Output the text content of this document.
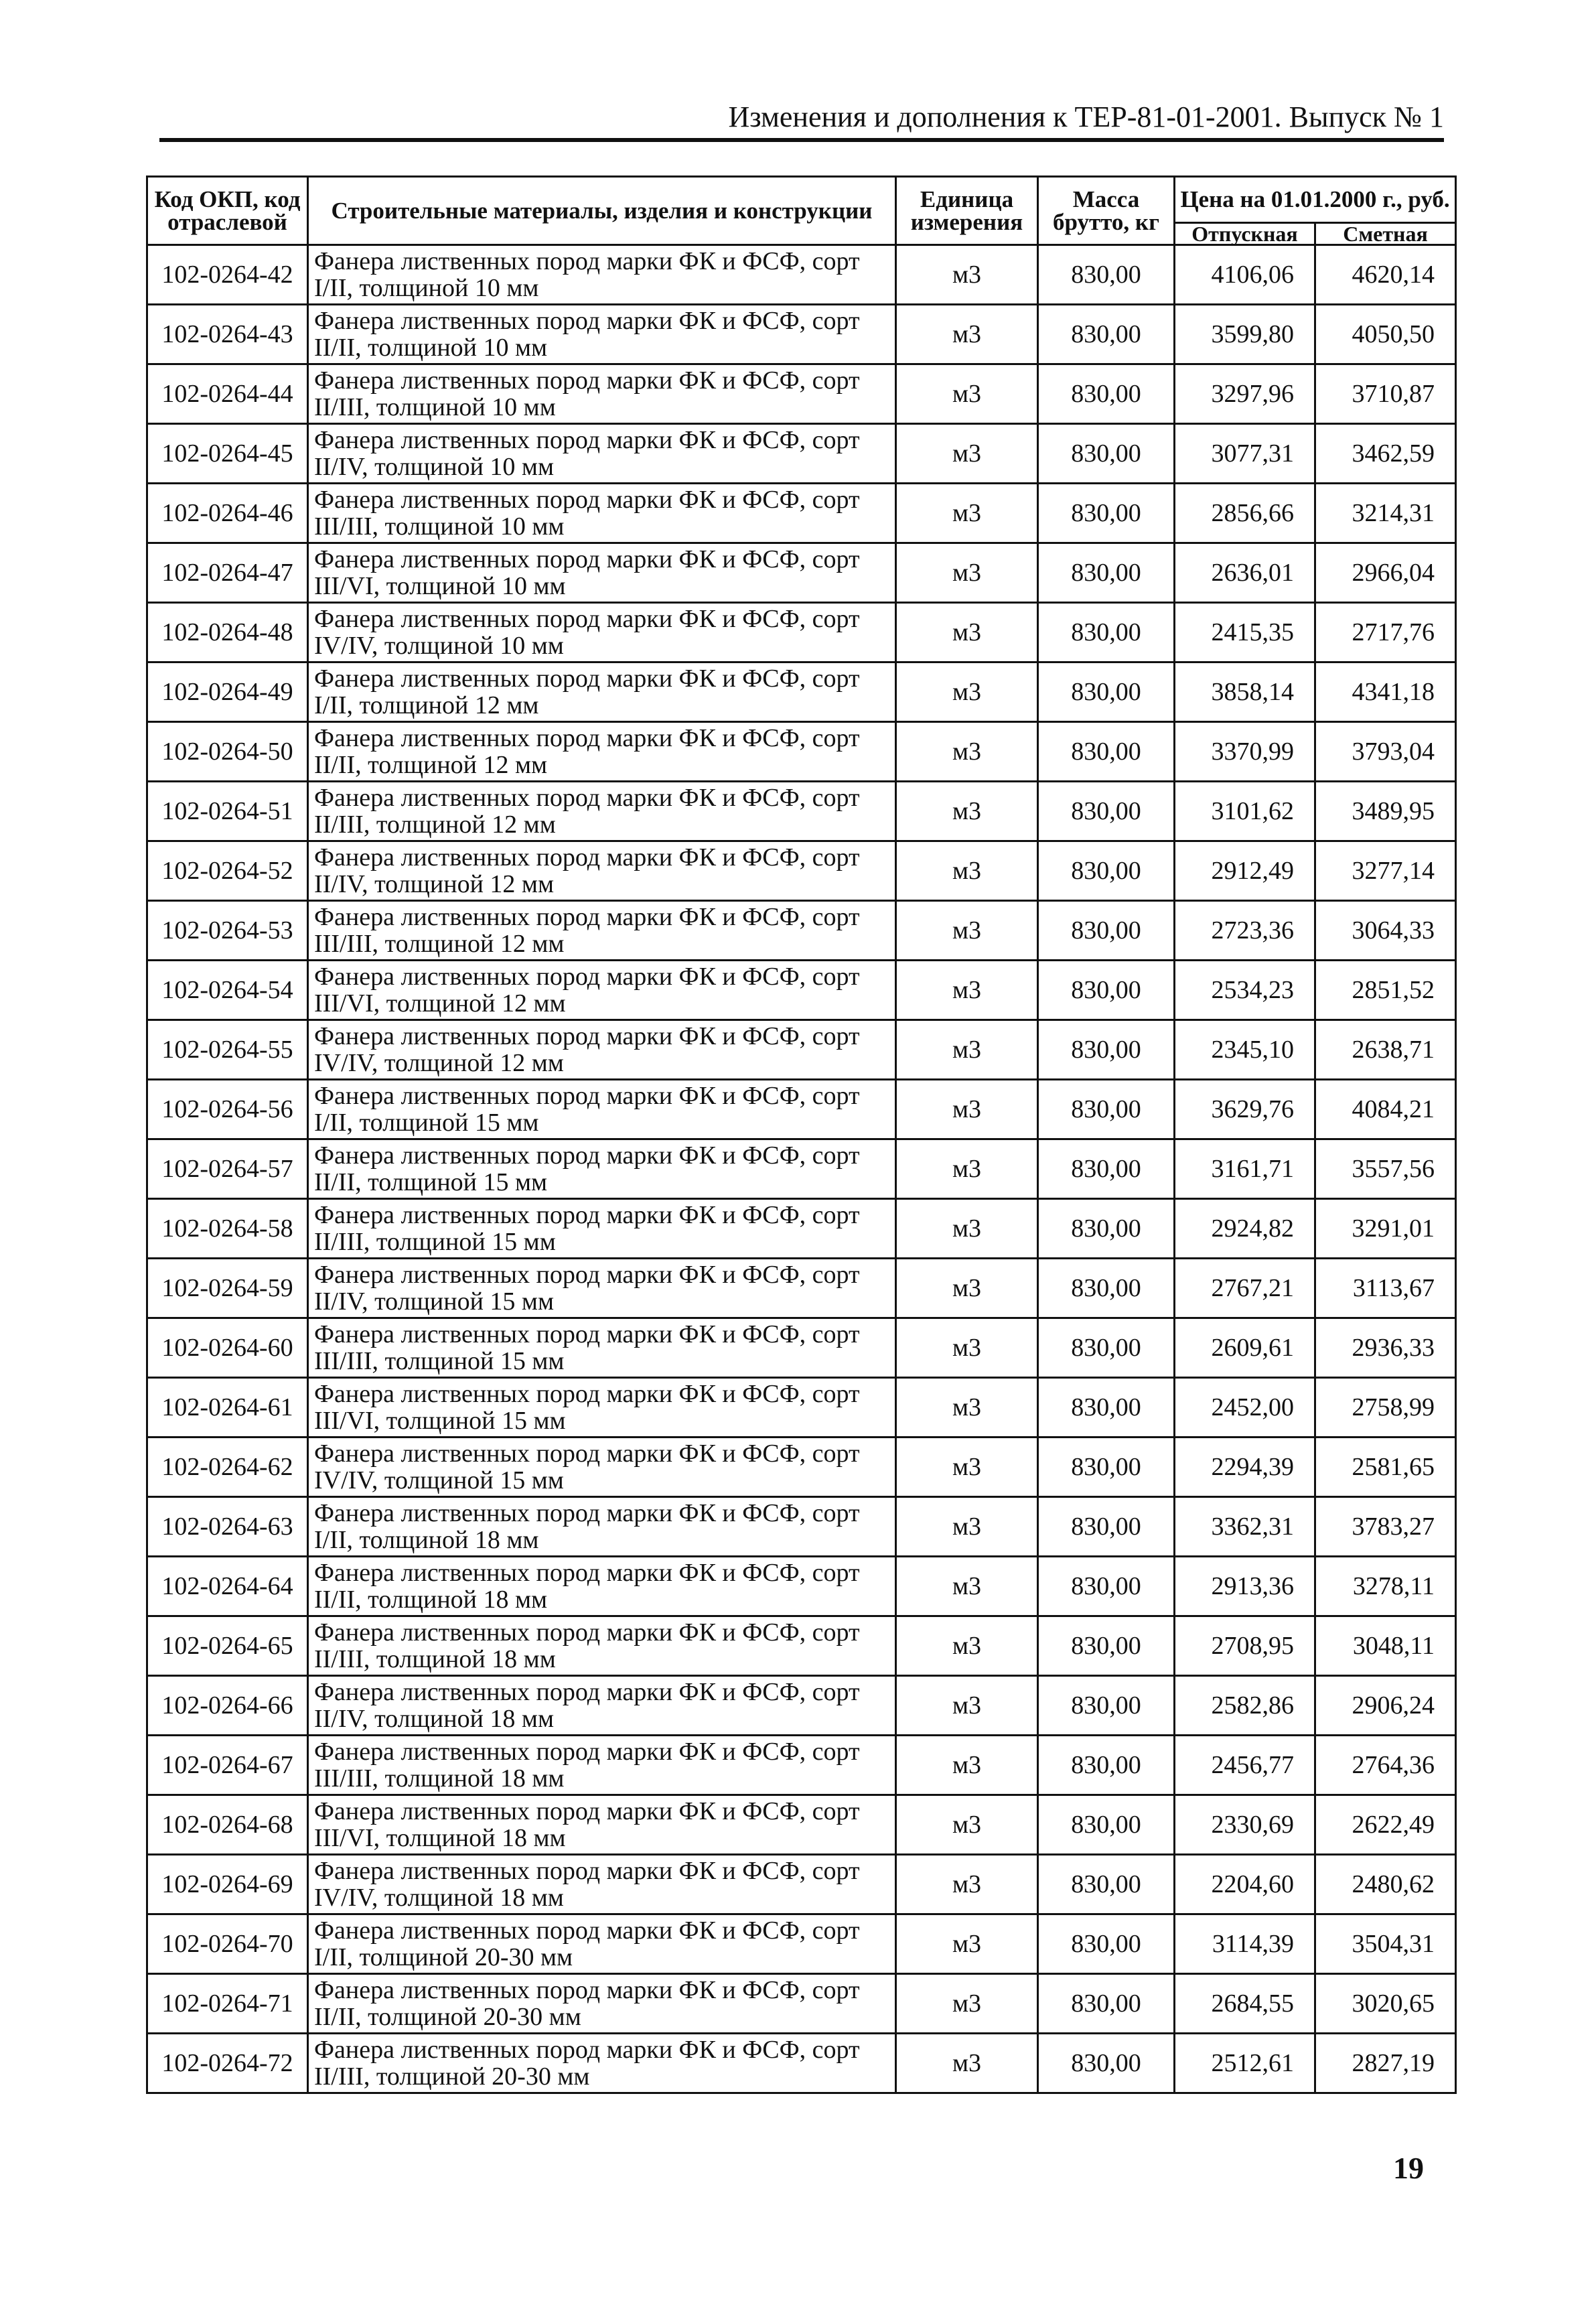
Изменения и дополнения к ТЕР-81-01-2001. Выпуск № 1
Код ОКП, код отраслевой	Строительные материалы, изделия и конструкции	Единица измерения	Масса брутто, кг	Цена на 01.01.2000 г., руб.	
				Отпускная	Сметная
102-0264-42	Фанера лиственных пород марки ФК и ФСФ, сорт I/II, толщиной 10 мм	м3	830,00	4106,06	4620,14
102-0264-43	Фанера лиственных пород марки ФК и ФСФ, сорт II/II, толщиной 10 мм	м3	830,00	3599,80	4050,50
102-0264-44	Фанера лиственных пород марки ФК и ФСФ, сорт II/III, толщиной 10 мм	м3	830,00	3297,96	3710,87
102-0264-45	Фанера лиственных пород марки ФК и ФСФ, сорт II/IV, толщиной 10 мм	м3	830,00	3077,31	3462,59
102-0264-46	Фанера лиственных пород марки ФК и ФСФ, сорт III/III, толщиной 10 мм	м3	830,00	2856,66	3214,31
102-0264-47	Фанера лиственных пород марки ФК и ФСФ, сорт III/VI, толщиной 10 мм	м3	830,00	2636,01	2966,04
102-0264-48	Фанера лиственных пород марки ФК и ФСФ, сорт IV/IV, толщиной 10 мм	м3	830,00	2415,35	2717,76
102-0264-49	Фанера лиственных пород марки ФК и ФСФ, сорт I/II, толщиной 12 мм	м3	830,00	3858,14	4341,18
102-0264-50	Фанера лиственных пород марки ФК и ФСФ, сорт II/II, толщиной 12 мм	м3	830,00	3370,99	3793,04
102-0264-51	Фанера лиственных пород марки ФК и ФСФ, сорт II/III, толщиной 12 мм	м3	830,00	3101,62	3489,95
102-0264-52	Фанера лиственных пород марки ФК и ФСФ, сорт II/IV, толщиной 12 мм	м3	830,00	2912,49	3277,14
102-0264-53	Фанера лиственных пород марки ФК и ФСФ, сорт III/III, толщиной 12 мм	м3	830,00	2723,36	3064,33
102-0264-54	Фанера лиственных пород марки ФК и ФСФ, сорт III/VI, толщиной 12 мм	м3	830,00	2534,23	2851,52
102-0264-55	Фанера лиственных пород марки ФК и ФСФ, сорт IV/IV, толщиной 12 мм	м3	830,00	2345,10	2638,71
102-0264-56	Фанера лиственных пород марки ФК и ФСФ, сорт I/II, толщиной 15 мм	м3	830,00	3629,76	4084,21
102-0264-57	Фанера лиственных пород марки ФК и ФСФ, сорт II/II, толщиной 15 мм	м3	830,00	3161,71	3557,56
102-0264-58	Фанера лиственных пород марки ФК и ФСФ, сорт II/III, толщиной 15 мм	м3	830,00	2924,82	3291,01
102-0264-59	Фанера лиственных пород марки ФК и ФСФ, сорт II/IV, толщиной 15 мм	м3	830,00	2767,21	3113,67
102-0264-60	Фанера лиственных пород марки ФК и ФСФ, сорт III/III, толщиной 15 мм	м3	830,00	2609,61	2936,33
102-0264-61	Фанера лиственных пород марки ФК и ФСФ, сорт III/VI, толщиной 15 мм	м3	830,00	2452,00	2758,99
102-0264-62	Фанера лиственных пород марки ФК и ФСФ, сорт IV/IV, толщиной 15 мм	м3	830,00	2294,39	2581,65
102-0264-63	Фанера лиственных пород марки ФК и ФСФ, сорт I/II, толщиной 18 мм	м3	830,00	3362,31	3783,27
102-0264-64	Фанера лиственных пород марки ФК и ФСФ, сорт II/II, толщиной 18 мм	м3	830,00	2913,36	3278,11
102-0264-65	Фанера лиственных пород марки ФК и ФСФ, сорт II/III, толщиной 18 мм	м3	830,00	2708,95	3048,11
102-0264-66	Фанера лиственных пород марки ФК и ФСФ, сорт II/IV, толщиной 18 мм	м3	830,00	2582,86	2906,24
102-0264-67	Фанера лиственных пород марки ФК и ФСФ, сорт III/III, толщиной 18 мм	м3	830,00	2456,77	2764,36
102-0264-68	Фанера лиственных пород марки ФК и ФСФ, сорт III/VI, толщиной 18 мм	м3	830,00	2330,69	2622,49
102-0264-69	Фанера лиственных пород марки ФК и ФСФ, сорт IV/IV, толщиной 18 мм	м3	830,00	2204,60	2480,62
102-0264-70	Фанера лиственных пород марки ФК и ФСФ, сорт I/II, толщиной 20-30 мм	м3	830,00	3114,39	3504,31
102-0264-71	Фанера лиственных пород марки ФК и ФСФ, сорт II/II, толщиной 20-30 мм	м3	830,00	2684,55	3020,65
102-0264-72	Фанера лиственных пород марки ФК и ФСФ, сорт II/III, толщиной 20-30 мм	м3	830,00	2512,61	2827,19
19
